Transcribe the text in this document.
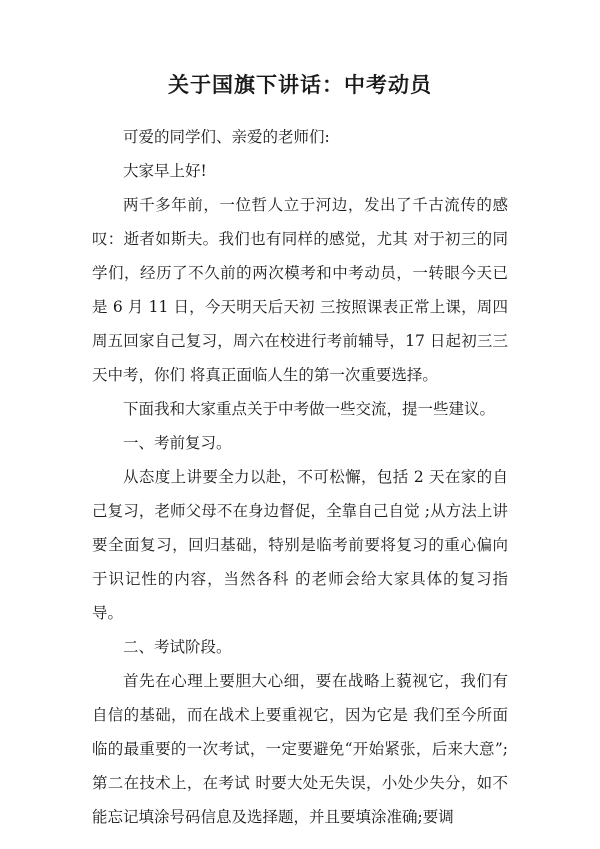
关于国旗下讲话：中考动员

可爱的同学们、亲爱的老师们:

大家早上好!

两千多年前，一位哲人立于河边，发出了千古流传的感叹：逝者如斯夫。我们也有同样的感觉，尤其 对于初三的同学们，经历了不久前的两次模考和中考动员，一转眼今天已是 6 月 11 日，今天明天后天初 三按照课表正常上课，周四周五回家自己复习，周六在校进行考前辅导，17 日起初三三天中考，你们 将真正面临人生的第一次重要选择。

下面我和大家重点关于中考做一些交流，提一些建议。

一、考前复习。

从态度上讲要全力以赴，不可松懈，包括 2 天在家的自己复习，老师父母不在身边督促，全靠自己自觉 ;从方法上讲要全面复习，回归基础，特别是临考前要将复习的重心偏向于识记性的内容，当然各科 的老师会给大家具体的复习指导。

二、考试阶段。

首先在心理上要胆大心细，要在战略上藐视它，我们有自信的基础，而在战术上要重视它，因为它是 我们至今所面临的最重要的一次考试，一定要避免“开始紧张，后来大意”;第二在技术上，在考试 时要大处无失误，小处少失分，如不能忘记填涂号码信息及选择题，并且要填涂准确;要调
